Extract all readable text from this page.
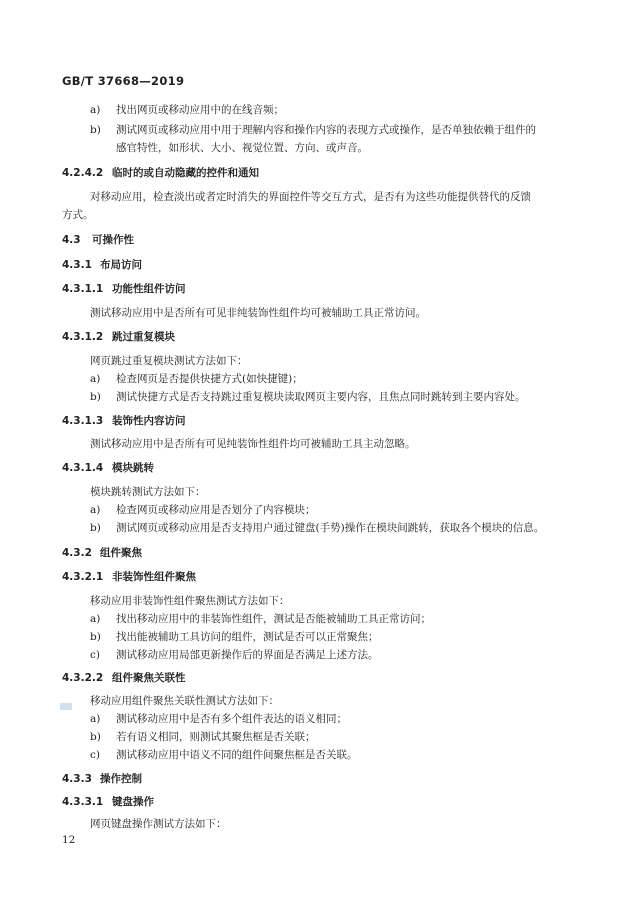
GB/T 37668—2019
a) 找出网页或移动应用中的在线音频；
b) 测试网页或移动应用中用于理解内容和操作内容的表现方式或操作，是否单独依赖于组件的
感官特性，如形状、大小、视觉位置、方向、或声音。
4.2.4.2 临时的或自动隐藏的控件和通知
对移动应用，检查淡出或者定时消失的界面控件等交互方式，是否有为这些功能提供替代的反馈
方式。
4.3 可操作性
4.3.1 布局访问
4.3.1.1 功能性组件访问
测试移动应用中是否所有可见非纯装饰性组件均可被辅助工具正常访问。
4.3.1.2 跳过重复模块
网页跳过重复模块测试方法如下：
a) 检查网页是否提供快捷方式(如快捷键)；
b) 测试快捷方式是否支持跳过重复模块读取网页主要内容，且焦点同时跳转到主要内容处。
4.3.1.3 装饰性内容访问
测试移动应用中是否所有可见纯装饰性组件均可被辅助工具主动忽略。
4.3.1.4 模块跳转
模块跳转测试方法如下：
a) 检查网页或移动应用是否划分了内容模块；
b) 测试网页或移动应用是否支持用户通过键盘(手势)操作在模块间跳转，获取各个模块的信息。
4.3.2 组件聚焦
4.3.2.1 非装饰性组件聚焦
移动应用非装饰性组件聚焦测试方法如下：
a) 找出移动应用中的非装饰性组件，测试是否能被辅助工具正常访问；
b) 找出能被辅助工具访问的组件，测试是否可以正常聚焦；
c) 测试移动应用局部更新操作后的界面是否满足上述方法。
4.3.2.2 组件聚焦关联性
移动应用组件聚焦关联性测试方法如下：
a) 测试移动应用中是否有多个组件表达的语义相同；
b) 若有语义相同，则测试其聚焦框是否关联；
c) 测试移动应用中语义不同的组件间聚焦框是否关联。
4.3.3 操作控制
4.3.3.1 键盘操作
网页键盘操作测试方法如下：
12
